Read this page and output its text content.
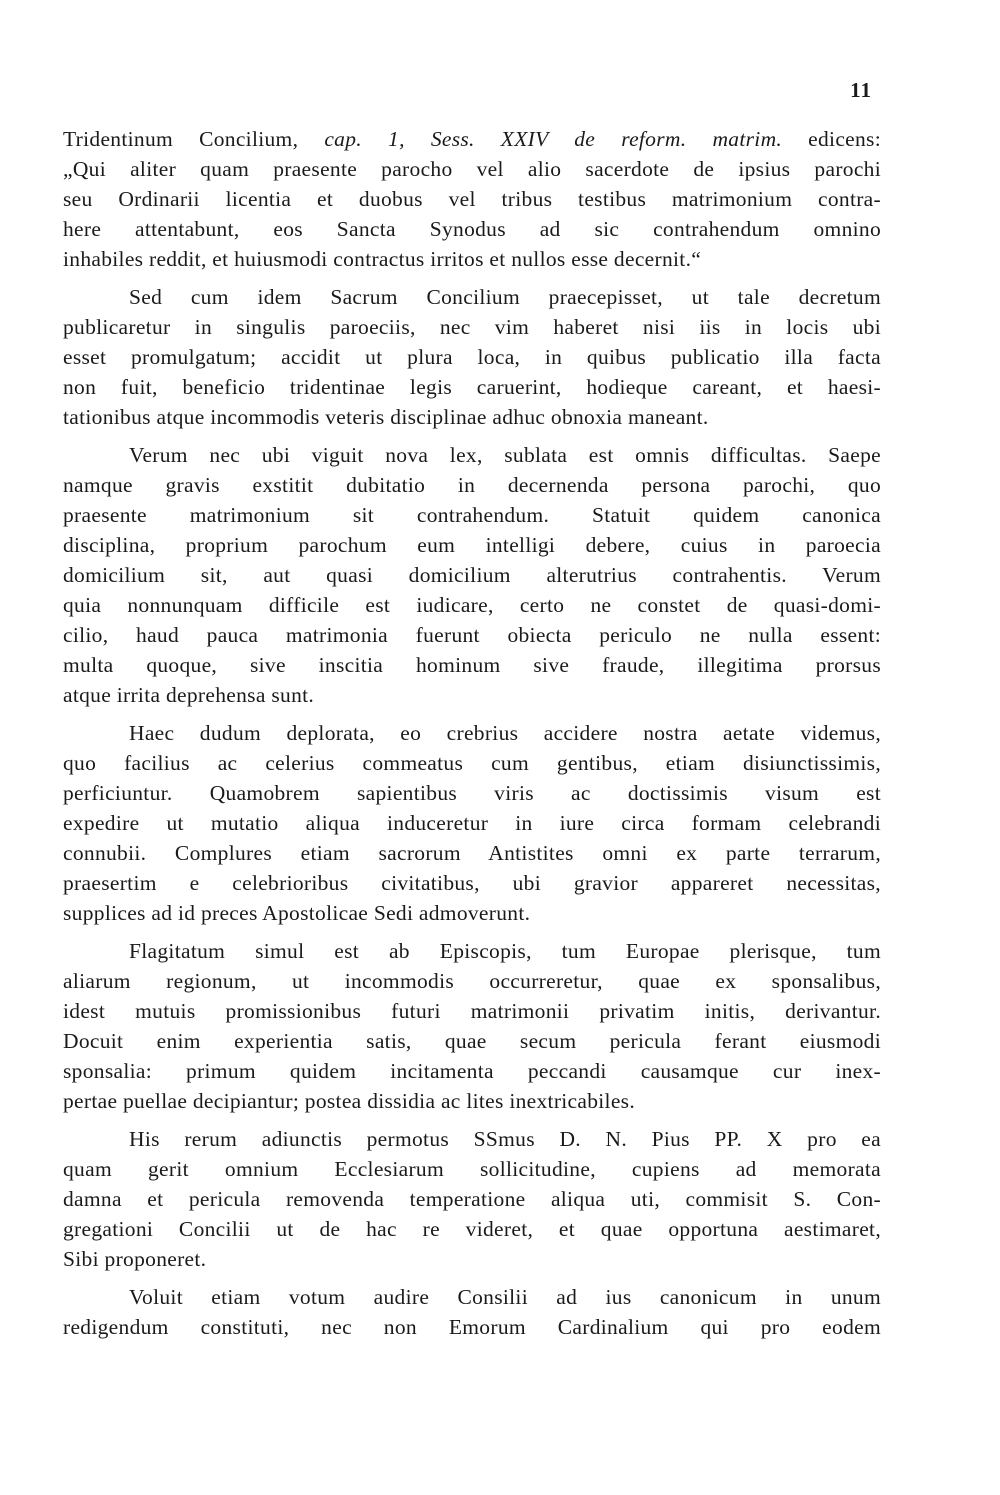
11
Tridentinum Concilium, cap. 1, Sess. XXIV de reform. matrim. edicens:
„Qui aliter quam praesente parocho vel alio sacerdote de ipsius parochi
seu Ordinarii licentia et duobus vel tribus testibus matrimonium contra-
here attentabunt, eos Sancta Synodus ad sic contrahendum omnino
inhabiles reddit, et huiusmodi contractus irritos et nullos esse decernit.“
Sed cum idem Sacrum Concilium praecepisset, ut tale decretum
publicaretur in singulis paroeciis, nec vim haberet nisi iis in locis ubi
esset promulgatum; accidit ut plura loca, in quibus publicatio illa facta
non fuit, beneficio tridentinae legis caruerint, hodieque careant, et haesi-
tationibus atque incommodis veteris disciplinae adhuc obnoxia maneant.
Verum nec ubi viguit nova lex, sublata est omnis difficultas. Saepe
namque gravis exstitit dubitatio in decernenda persona parochi, quo
praesente matrimonium sit contrahendum. Statuit quidem canonica
disciplina, proprium parochum eum intelligi debere, cuius in paroecia
domicilium sit, aut quasi domicilium alterutrius contrahentis. Verum
quia nonnunquam difficile est iudicare, certo ne constet de quasi-domi-
cilio, haud pauca matrimonia fuerunt obiecta periculo ne nulla essent:
multa quoque, sive inscitia hominum sive fraude, illegitima prorsus
atque irrita deprehensa sunt.
Haec dudum deplorata, eo crebrius accidere nostra aetate videmus,
quo facilius ac celerius commeatus cum gentibus, etiam disiunctissimis,
perficiuntur. Quamobrem sapientibus viris ac doctissimis visum est
expedire ut mutatio aliqua induceretur in iure circa formam celebrandi
connubii. Complures etiam sacrorum Antistites omni ex parte terrarum,
praesertim e celebrioribus civitatibus, ubi gravior appareret necessitas,
supplices ad id preces Apostolicae Sedi admoverunt.
Flagitatum simul est ab Episcopis, tum Europae plerisque, tum
aliarum regionum, ut incommodis occurreretur, quae ex sponsalibus,
idest mutuis promissionibus futuri matrimonii privatim initis, derivantur.
Docuit enim experientia satis, quae secum pericula ferant eiusmodi
sponsalia: primum quidem incitamenta peccandi causamque cur inex-
pertae puellae decipiantur; postea dissidia ac lites inextricabiles.
His rerum adiunctis permotus SSmus D. N. Pius PP. X pro ea
quam gerit omnium Ecclesiarum sollicitudine, cupiens ad memorata
damna et pericula removenda temperatione aliqua uti, commisit S. Con-
gregationi Concilii ut de hac re videret, et quae opportuna aestimaret,
Sibi proponeret.
Voluit etiam votum audire Consilii ad ius canonicum in unum
redigendum constituti, nec non Emorum Cardinalium qui pro eodem
